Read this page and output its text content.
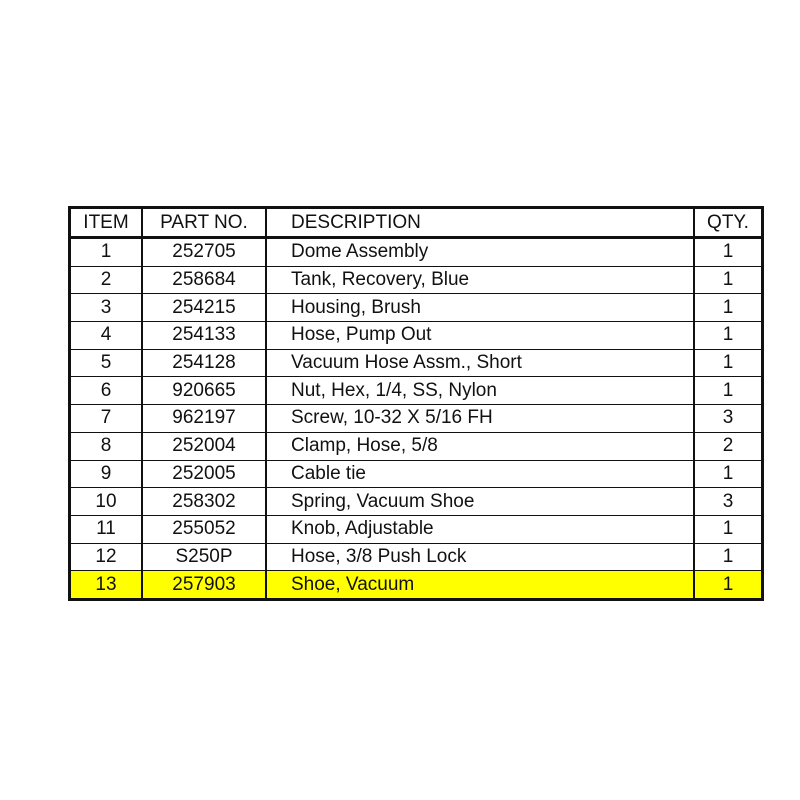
ITEM	PART NO.	DESCRIPTION	QTY.
1	252705	Dome Assembly	1
2	258684	Tank, Recovery, Blue	1
3	254215	Housing, Brush	1
4	254133	Hose, Pump Out	1
5	254128	Vacuum Hose Assm., Short	1
6	920665	Nut, Hex, 1/4, SS, Nylon	1
7	962197	Screw, 10-32 X 5/16 FH	3
8	252004	Clamp, Hose, 5/8	2
9	252005	Cable tie	1
10	258302	Spring, Vacuum Shoe	3
11	255052	Knob, Adjustable	1
12	S250P	Hose, 3/8 Push Lock	1
13	257903	Shoe, Vacuum	1
